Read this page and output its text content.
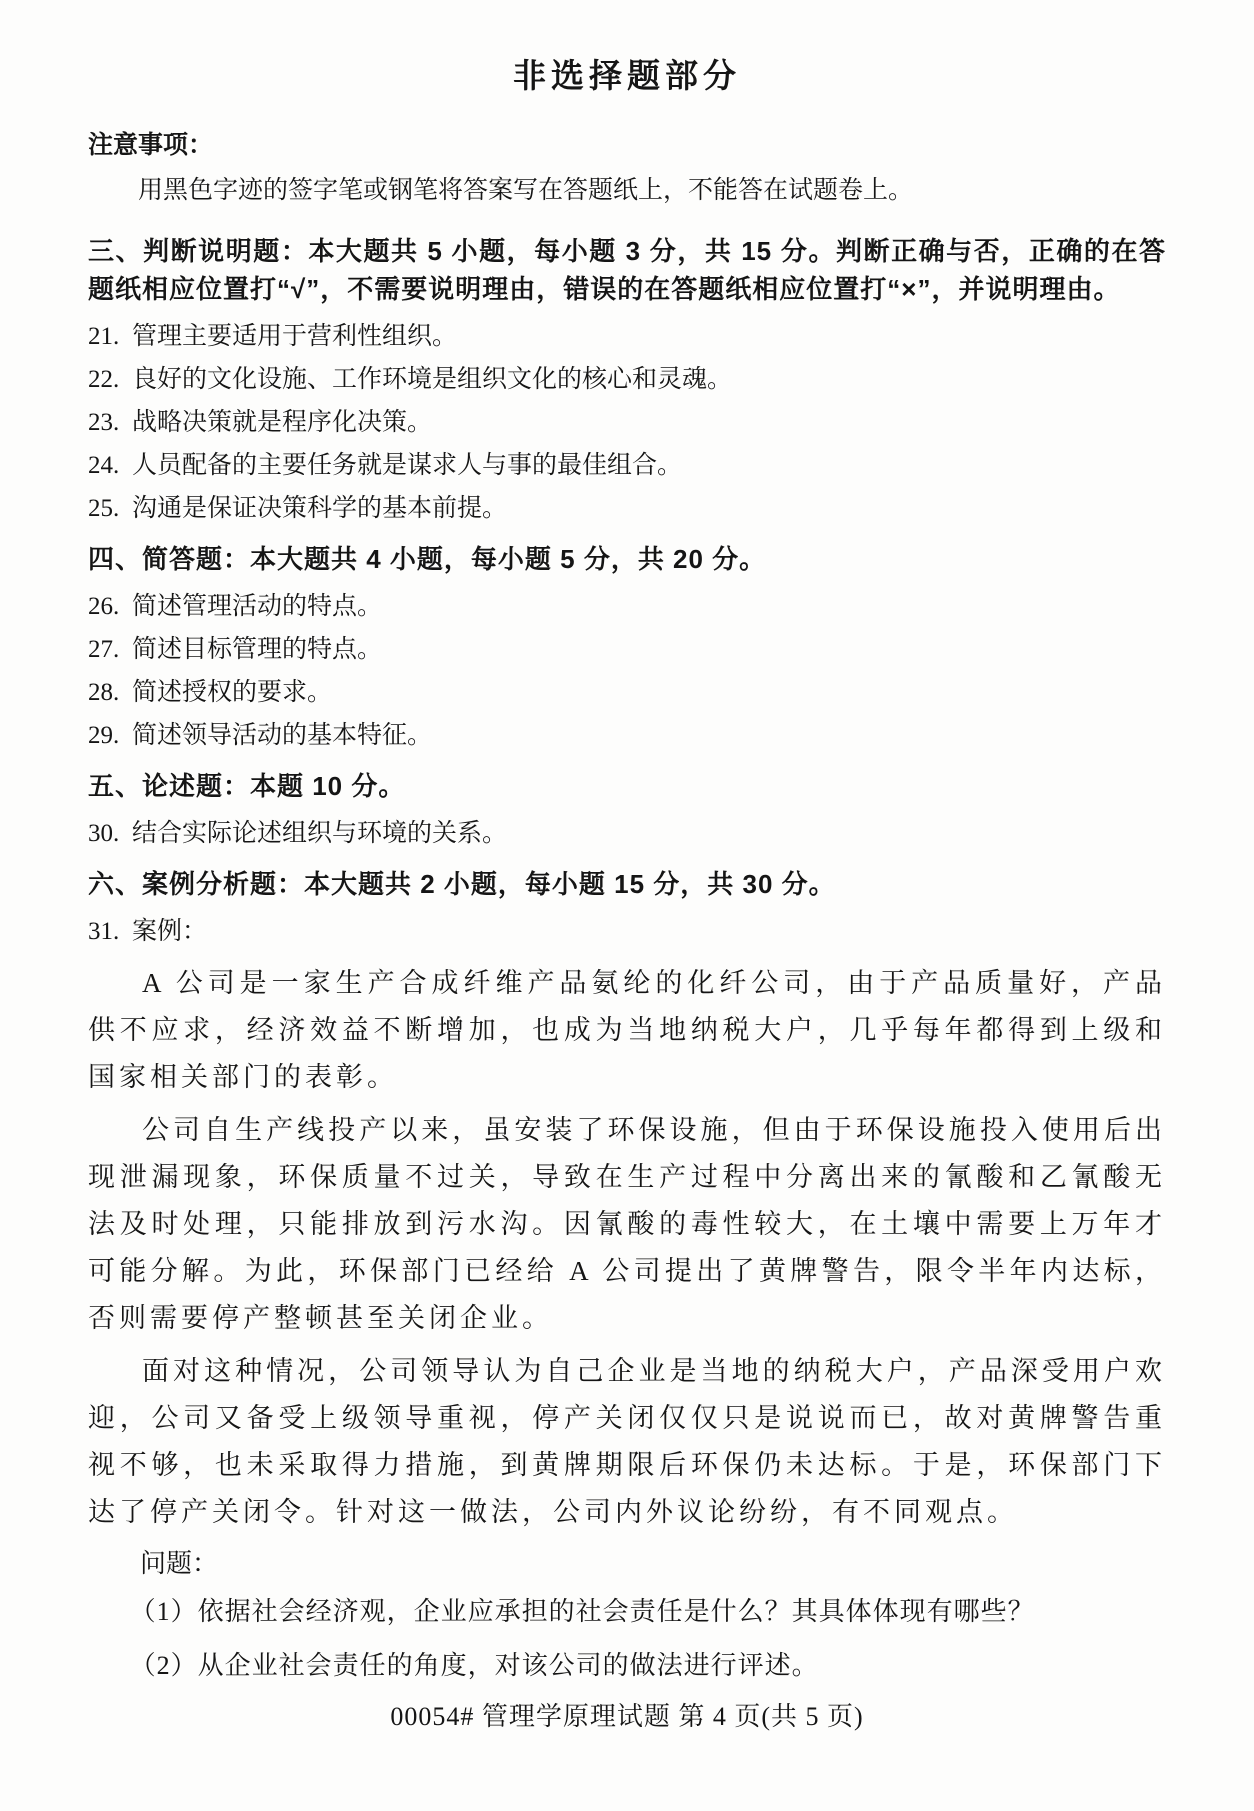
非选择题部分

注意事项：

用黑色字迹的签字笔或钢笔将答案写在答题纸上，不能答在试题卷上。

三、判断说明题：本大题共 5 小题，每小题 3 分，共 15 分。判断正确与否，正确的在答题纸相应位置打“√”，不需要说明理由，错误的在答题纸相应位置打“×”，并说明理由。

21. 管理主要适用于营利性组织。

22. 良好的文化设施、工作环境是组织文化的核心和灵魂。

23. 战略决策就是程序化决策。

24. 人员配备的主要任务就是谋求人与事的最佳组合。

25. 沟通是保证决策科学的基本前提。

四、简答题：本大题共 4 小题，每小题 5 分，共 20 分。

26. 简述管理活动的特点。

27. 简述目标管理的特点。

28. 简述授权的要求。

29. 简述领导活动的基本特征。

五、论述题：本题 10 分。

30. 结合实际论述组织与环境的关系。

六、案例分析题：本大题共 2 小题，每小题 15 分，共 30 分。

31. 案例：

A 公司是一家生产合成纤维产品氨纶的化纤公司，由于产品质量好，产品供不应求，经济效益不断增加，也成为当地纳税大户，几乎每年都得到上级和国家相关部门的表彰。

公司自生产线投产以来，虽安装了环保设施，但由于环保设施投入使用后出现泄漏现象，环保质量不过关，导致在生产过程中分离出来的氰酸和乙氰酸无法及时处理，只能排放到污水沟。因氰酸的毒性较大，在土壤中需要上万年才可能分解。为此，环保部门已经给 A 公司提出了黄牌警告，限令半年内达标，否则需要停产整顿甚至关闭企业。

面对这种情况，公司领导认为自己企业是当地的纳税大户，产品深受用户欢迎，公司又备受上级领导重视，停产关闭仅仅只是说说而已，故对黄牌警告重视不够，也未采取得力措施，到黄牌期限后环保仍未达标。于是，环保部门下达了停产关闭令。针对这一做法，公司内外议论纷纷，有不同观点。

问题：

（1）依据社会经济观，企业应承担的社会责任是什么？其具体体现有哪些？

（2）从企业社会责任的角度，对该公司的做法进行评述。

00054# 管理学原理试题 第 4 页(共 5 页)
